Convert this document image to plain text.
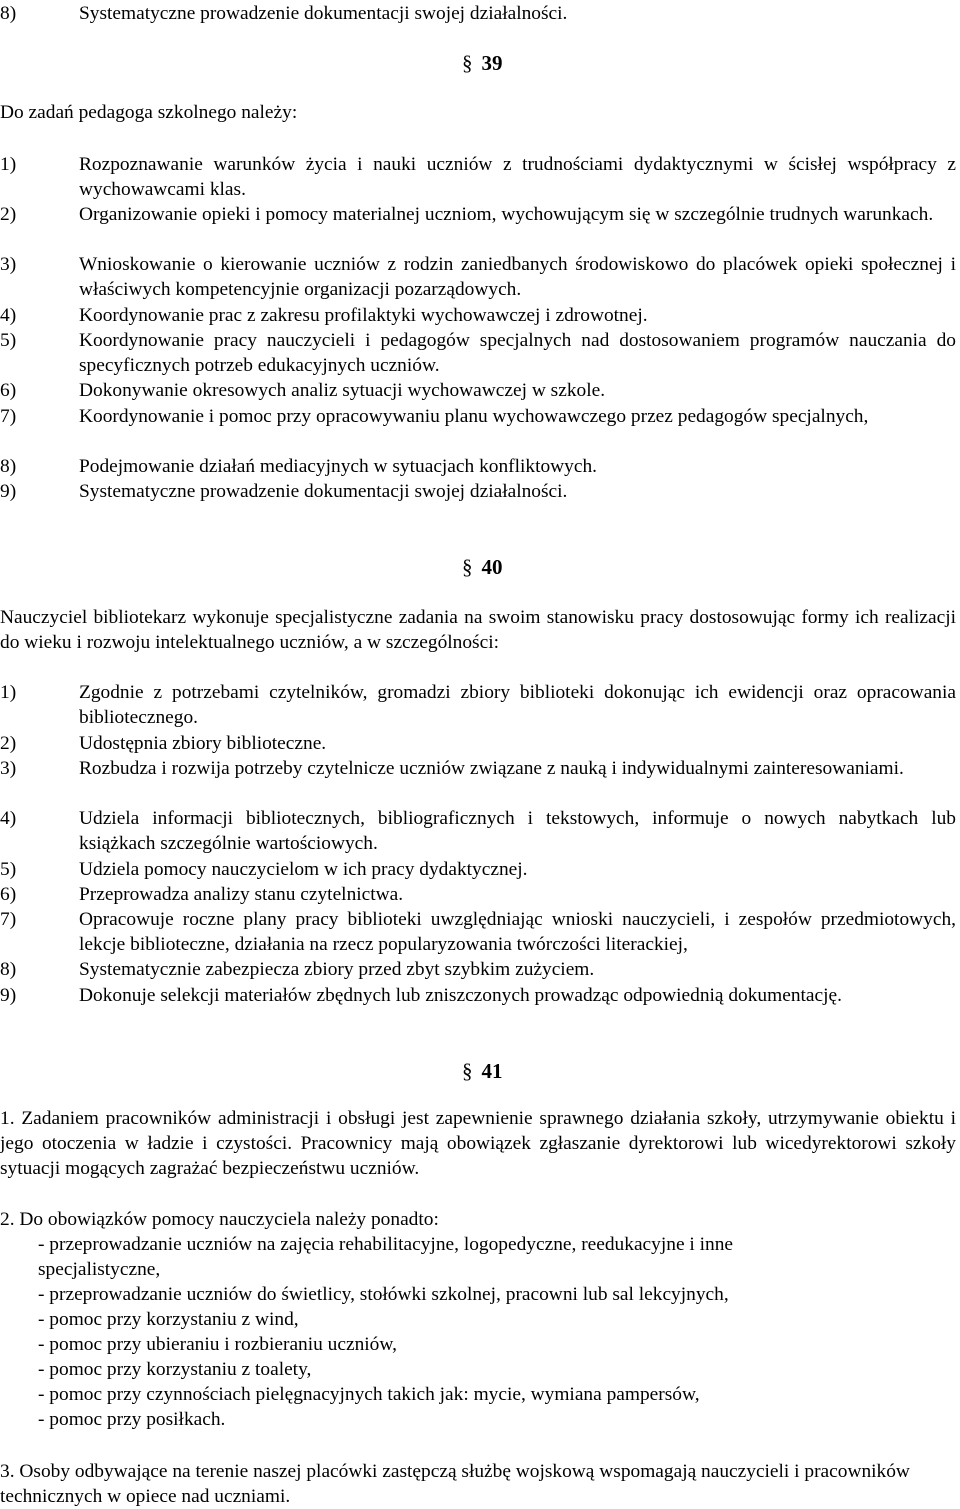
8)	Systematyczne prowadzenie dokumentacji swojej działalności.
§ 39
Do zadań pedagoga szkolnego należy:
1)	Rozpoznawanie warunków życia i nauki uczniów z trudnościami dydaktycznymi w ścisłej współpracy z wychowawcami klas.
2)	Organizowanie opieki i pomocy materialnej uczniom, wychowującym się w szczególnie trudnych warunkach.
3)	Wnioskowanie o kierowanie uczniów z rodzin zaniedbanych środowiskowo do placówek opieki społecznej i właściwych kompetencyjnie organizacji pozarządowych.
4)	Koordynowanie prac z zakresu profilaktyki wychowawczej i zdrowotnej.
5)	Koordynowanie pracy nauczycieli i pedagogów specjalnych nad dostosowaniem programów nauczania do specyficznych potrzeb edukacyjnych uczniów.
6)	Dokonywanie okresowych analiz sytuacji wychowawczej w szkole.
7)	Koordynowanie i pomoc przy opracowywaniu planu wychowawczego przez pedagogów specjalnych,
8)	Podejmowanie działań mediacyjnych w sytuacjach konfliktowych.
9)	Systematyczne prowadzenie dokumentacji swojej działalności.
§ 40
Nauczyciel bibliotekarz wykonuje specjalistyczne zadania na swoim stanowisku pracy dostosowując formy ich realizacji do wieku i rozwoju intelektualnego uczniów, a w szczególności:
1)	Zgodnie z potrzebami czytelników, gromadzi zbiory biblioteki dokonując ich ewidencji oraz opracowania bibliotecznego.
2)	Udostępnia zbiory biblioteczne.
3)	Rozbudza i rozwija potrzeby czytelnicze uczniów związane z nauką i indywidualnymi zainteresowaniami.
4)	Udziela informacji bibliotecznych, bibliograficznych i tekstowych, informuje o nowych nabytkach lub książkach szczególnie wartościowych.
5)	Udziela pomocy nauczycielom w ich pracy dydaktycznej.
6)	Przeprowadza analizy stanu czytelnictwa.
7)	Opracowuje roczne plany pracy biblioteki uwzględniając wnioski nauczycieli, i zespołów przedmiotowych, lekcje biblioteczne, działania na rzecz popularyzowania twórczości literackiej,
8)	Systematycznie zabezpiecza zbiory przed zbyt szybkim zużyciem.
9)	Dokonuje selekcji materiałów zbędnych lub zniszczonych prowadząc odpowiednią dokumentację.
§ 41
1. Zadaniem pracowników administracji i obsługi jest zapewnienie sprawnego działania szkoły, utrzymywanie obiektu i jego otoczenia w ładzie i czystości. Pracownicy mają obowiązek zgłaszanie dyrektorowi lub wicedyrektorowi szkoły sytuacji mogących zagrażać bezpieczeństwu uczniów.
2. Do obowiązków pomocy nauczyciela należy ponadto:
- przeprowadzanie uczniów na zajęcia rehabilitacyjne, logopedyczne, reedukacyjne i inne
specjalistyczne,
- przeprowadzanie uczniów do świetlicy, stołówki szkolnej, pracowni lub sal lekcyjnych,
- pomoc przy korzystaniu z wind,
- pomoc przy ubieraniu i rozbieraniu uczniów,
- pomoc przy korzystaniu z toalety,
- pomoc przy czynnościach pielęgnacyjnych takich jak: mycie, wymiana pampersów,
- pomoc przy posiłkach.
3. Osoby odbywające na terenie naszej placówki zastępczą służbę wojskową wspomagają nauczycieli i pracowników technicznych w opiece nad uczniami.
